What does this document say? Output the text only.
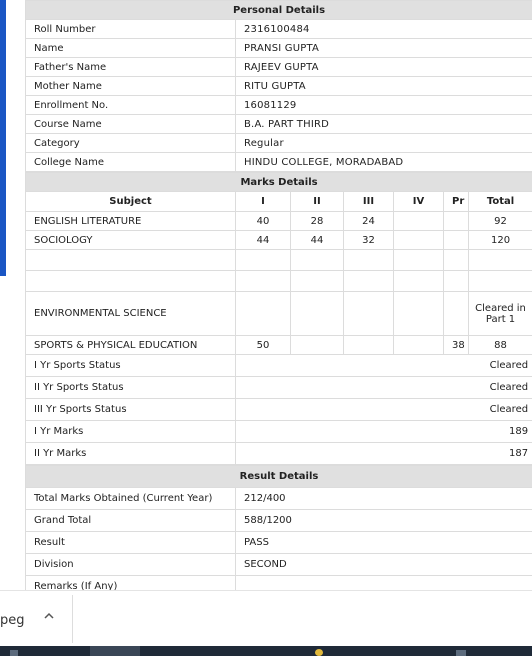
Personal Details	
Roll Number	2316100484
Name	PRANSI GUPTA
Father's Name	RAJEEV GUPTA
Mother Name	RITU GUPTA
Enrollment No.	16081129
Course Name	B.A. PART THIRD
Category	Regular
College Name	HINDU COLLEGE, MORADABAD
Marks Details						
Subject	I	II	III	IV	Pr	Total
ENGLISH LITERATURE	40	28	24			92
SOCIOLOGY	44	44	32			120

ENVIRONMENTAL SCIENCE						Cleared in Part 1
SPORTS & PHYSICAL EDUCATION	50				38	88
I Yr Sports Status	Cleared					
II Yr Sports Status	Cleared					
III Yr Sports Status	Cleared					
I Yr Marks	189					
II Yr Marks	187					
Result Details	
Total Marks Obtained (Current Year)	212/400
Grand Total	588/1200
Result	PASS
Division	SECOND
Remarks (If Any)	
peg
